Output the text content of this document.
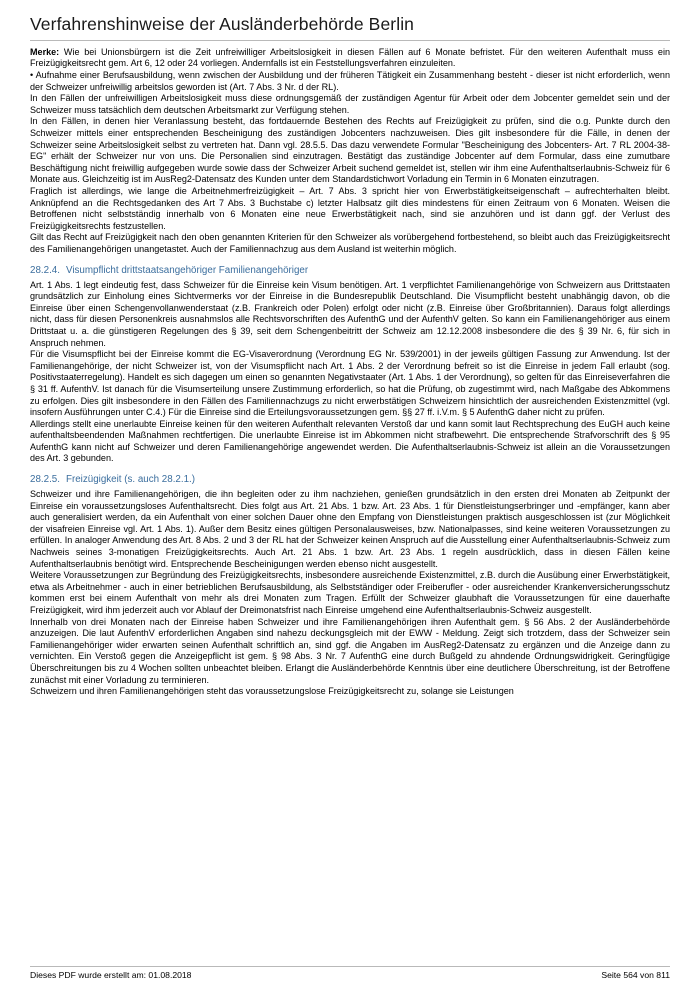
Verfahrenshinweise der Ausländerbehörde Berlin

Merke: Wie bei Unionsbürgern ist die Zeit unfreiwilliger Arbeitslosigkeit in diesen Fällen auf 6 Monate befristet. Für den weiteren Aufenthalt muss ein Freizügigkeitsrecht gem. Art 6, 12 oder 24 vorliegen. Andernfalls ist ein Feststellungsverfahren einzuleiten.

• Aufnahme einer Berufsausbildung, wenn zwischen der Ausbildung und der früheren Tätigkeit ein Zusammenhang besteht - dieser ist nicht erforderlich, wenn der Schweizer unfreiwillig arbeitslos geworden ist (Art. 7 Abs. 3 Nr. d der RL).

In den Fällen der unfreiwilligen Arbeitslosigkeit muss diese ordnungsgemäß der zuständigen Agentur für Arbeit oder dem Jobcenter gemeldet sein und der Schweizer muss tatsächlich dem deutschen Arbeitsmarkt zur Verfügung stehen.

In den Fällen, in denen hier Veranlassung besteht, das fortdauernde Bestehen des Rechts auf Freizügigkeit zu prüfen, sind die o.g. Punkte durch den Schweizer mittels einer entsprechenden Bescheinigung des zuständigen Jobcenters nachzuweisen. Dies gilt insbesondere für die Fälle, in denen der Schweizer seine Arbeitslosigkeit selbst zu vertreten hat. Dann vgl. 28.5.5. Das dazu verwendete Formular "Bescheinigung des Jobcenters- Art. 7 RL 2004-38-EG" erhält der Schweizer nur von uns. Die Personalien sind einzutragen. Bestätigt das zuständige Jobcenter auf dem Formular, dass eine zumutbare Beschäftigung nicht freiwillig aufgegeben wurde sowie dass der Schweizer Arbeit suchend gemeldet ist, stellen wir ihm eine Aufenthaltserlaubnis-Schweiz für 6 Monate aus. Gleichzeitig ist im AusReg2-Datensatz des Kunden unter dem Standardstichwort Vorladung ein Termin in 6 Monaten einzutragen.

Fraglich ist allerdings, wie lange die Arbeitnehmerfreizügigkeit – Art. 7 Abs. 3 spricht hier von Erwerbstätigkeitseigenschaft – aufrechterhalten bleibt. Anknüpfend an die Rechtsgedanken des Art 7 Abs. 3 Buchstabe c) letzter Halbsatz gilt dies mindestens für einen Zeitraum von 6 Monaten. Weisen die Betroffenen nicht selbstständig innerhalb von 6 Monaten eine neue Erwerbstätigkeit nach, sind sie anzuhören und ist dann ggf. der Verlust des Freizügigkeitsrechts festzustellen.

Gilt das Recht auf Freizügigkeit nach den oben genannten Kriterien für den Schweizer als vorübergehend fortbestehend, so bleibt auch das Freizügigkeitsrecht des Familienangehörigen unangetastet. Auch der Familiennachzug aus dem Ausland ist weiterhin möglich.

28.2.4. Visumpflicht drittstaatsangehöriger Familienangehöriger

Art. 1 Abs. 1 legt eindeutig fest, dass Schweizer für die Einreise kein Visum benötigen. Art. 1 verpflichtet Familienangehörige von Schweizern aus Drittstaaten grundsätzlich zur Einholung eines Sichtvermerks vor der Einreise in die Bundesrepublik Deutschland. Die Visumpflicht besteht unabhängig davon, ob die Einreise über einen Schengenvollanwenderstaat (z.B. Frankreich oder Polen) erfolgt oder nicht (z.B. Einreise über Großbritannien). Daraus folgt allerdings nicht, dass für diesen Personenkreis ausnahmslos alle Rechtsvorschriften des AufenthG und der AufenthV gelten. So kann ein Familienangehöriger aus einem Drittstaat u. a. die günstigeren Regelungen des § 39, seit dem Schengenbeitritt der Schweiz am 12.12.2008 insbesondere die des § 39 Nr. 6, für sich in Anspruch nehmen.

Für die Visumspflicht bei der Einreise kommt die EG-Visaverordnung (Verordnung EG Nr. 539/2001) in der jeweils gültigen Fassung zur Anwendung. Ist der Familienangehörige, der nicht Schweizer ist, von der Visumspflicht nach Art. 1 Abs. 2 der Verordnung befreit so ist die Einreise in jedem Fall erlaubt (sog. Positivstaaterregelung). Handelt es sich dagegen um einen so genannten Negativstaater (Art. 1 Abs. 1 der Verordnung), so gelten für das Einreiseverfahren die § 31 ff. AufenthV. Ist danach für die Visumserteilung unsere Zustimmung erforderlich, so hat die Prüfung, ob zugestimmt wird, nach Maßgabe des Abkommens zu erfolgen. Dies gilt insbesondere in den Fällen des Familiennachzugs zu nicht erwerbstätigen Schweizern hinsichtlich der ausreichenden Existenzmittel (vgl. insofern Ausführungen unter C.4.) Für die Einreise sind die Erteilungsvoraussetzungen gem. §§ 27 ff. i.V.m. § 5 AufenthG daher nicht zu prüfen.

Allerdings stellt eine unerlaubte Einreise keinen für den weiteren Aufenthalt relevanten Verstoß dar und kann somit laut Rechtsprechung des EuGH auch keine aufenthaltsbeendenden Maßnahmen rechtfertigen. Die unerlaubte Einreise ist im Abkommen nicht strafbewehrt. Die entsprechende Strafvorschrift des § 95 AufenthG kann nicht auf Schweizer und deren Familienangehörige angewendet werden. Die Aufenthaltserlaubnis-Schweiz ist allein an die Voraussetzungen des Art. 3 gebunden.

28.2.5. Freizügigkeit (s. auch 28.2.1.)

Schweizer und ihre Familienangehörigen, die ihn begleiten oder zu ihm nachziehen, genießen grundsätzlich in den ersten drei Monaten ab Zeitpunkt der Einreise ein voraussetzungsloses Aufenthaltsrecht. Dies folgt aus Art. 21 Abs. 1 bzw. Art. 23 Abs. 1 für Dienstleistungserbringer und -empfänger, kann aber auch generalisiert werden, da ein Aufenthalt von einer solchen Dauer ohne den Empfang von Dienstleistungen praktisch ausgeschlossen ist (zur Möglichkeit der visafreien Einreise vgl. Art. 1 Abs. 1). Außer dem Besitz eines gültigen Personalausweises, bzw. Nationalpasses, sind keine weiteren Voraussetzungen zu erfüllen. In analoger Anwendung des Art. 8 Abs. 2 und 3 der RL hat der Schweizer keinen Anspruch auf die Ausstellung einer Aufenthaltserlaubnis-Schweiz zum Nachweis seines 3-monatigen Freizügigkeitsrechts. Auch Art. 21 Abs. 1 bzw. Art. 23 Abs. 1 regeln ausdrücklich, dass in diesen Fällen keine Aufenthaltserlaubnis benötigt wird. Entsprechende Bescheinigungen werden ebenso nicht ausgestellt.

Weitere Voraussetzungen zur Begründung des Freizügigkeitsrechts, insbesondere ausreichende Existenzmittel, z.B. durch die Ausübung einer Erwerbstätigkeit, etwa als Arbeitnehmer - auch in einer betrieblichen Berufsausbildung, als Selbstständiger oder Freiberufler - oder ausreichender Krankenversicherungsschutz kommen erst bei einem Aufenthalt von mehr als drei Monaten zum Tragen. Erfüllt der Schweizer glaubhaft die Voraussetzungen für eine dauerhafte Freizügigkeit, wird ihm jederzeit auch vor Ablauf der Dreimonatsfrist nach Einreise umgehend eine Aufenthaltserlaubnis-Schweiz ausgestellt.

Innerhalb von drei Monaten nach der Einreise haben Schweizer und ihre Familienangehörigen ihren Aufenthalt gem. § 56 Abs. 2 der Ausländerbehörde anzuzeigen. Die laut AufenthV erforderlichen Angaben sind nahezu deckungsgleich mit der EWW - Meldung. Zeigt sich trotzdem, dass der Schweizer sein Familienangehöriger wider erwarten seinen Aufenthalt schriftlich an, sind ggf. die Angaben im AusReg2-Datensatz zu ergänzen und die Anzeige dann zu vernichten. Ein Verstoß gegen die Anzeigepflicht ist gem. § 98 Abs. 3 Nr. 7 AufenthG eine durch Bußgeld zu ahndende Ordnungswidrigkeit. Geringfügige Überschreitungen bis zu 4 Wochen sollten unbeachtet bleiben. Erlangt die Ausländerbehörde Kenntnis über eine deutlichere Überschreitung, ist der Betroffene zunächst mit einer Vorladung zu terminieren.

Schweizern und ihren Familienangehörigen steht das voraussetzungslose Freizügigkeitsrecht zu, solange sie Leistungen

Dieses PDF wurde erstellt am: 01.08.2018	Seite 564 von 811
